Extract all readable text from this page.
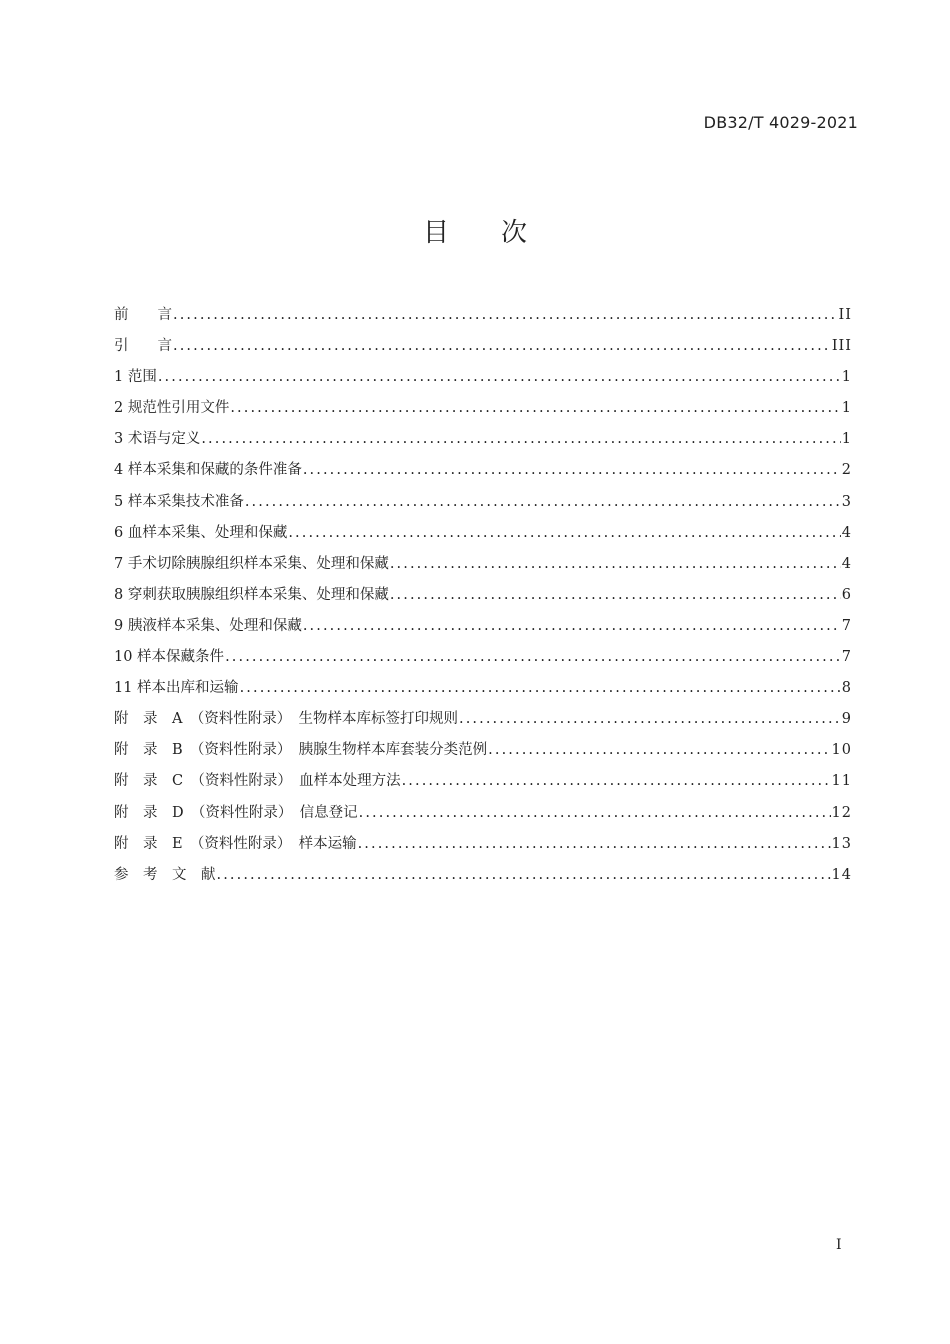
DB32/T 4029-2021
目 次
前　　言 .....	II
引　　言 .....	III
1 范围 .....	1
2 规范性引用文件 .....	1
3 术语与定义 .....	1
4 样本采集和保藏的条件准备 .....	2
5 样本采集技术准备 .....	3
6 血样本采集、处理和保藏 .....	4
7 手术切除胰腺组织样本采集、处理和保藏 .....	4
8 穿刺获取胰腺组织样本采集、处理和保藏 .....	6
9 胰液样本采集、处理和保藏 .....	7
10 样本保藏条件 .....	7
11 样本出库和运输 .....	8
附　录　A　（资料性附录）　生物样本库标签打印规则 .....	9
附　录　B　（资料性附录）　胰腺生物样本库套装分类范例 .....	10
附　录　C　（资料性附录）　血样本处理方法 .....	11
附　录　D　（资料性附录）　信息登记 .....	12
附　录　E　（资料性附录）　样本运输 .....	13
参　考　文　献 .....	14
I
